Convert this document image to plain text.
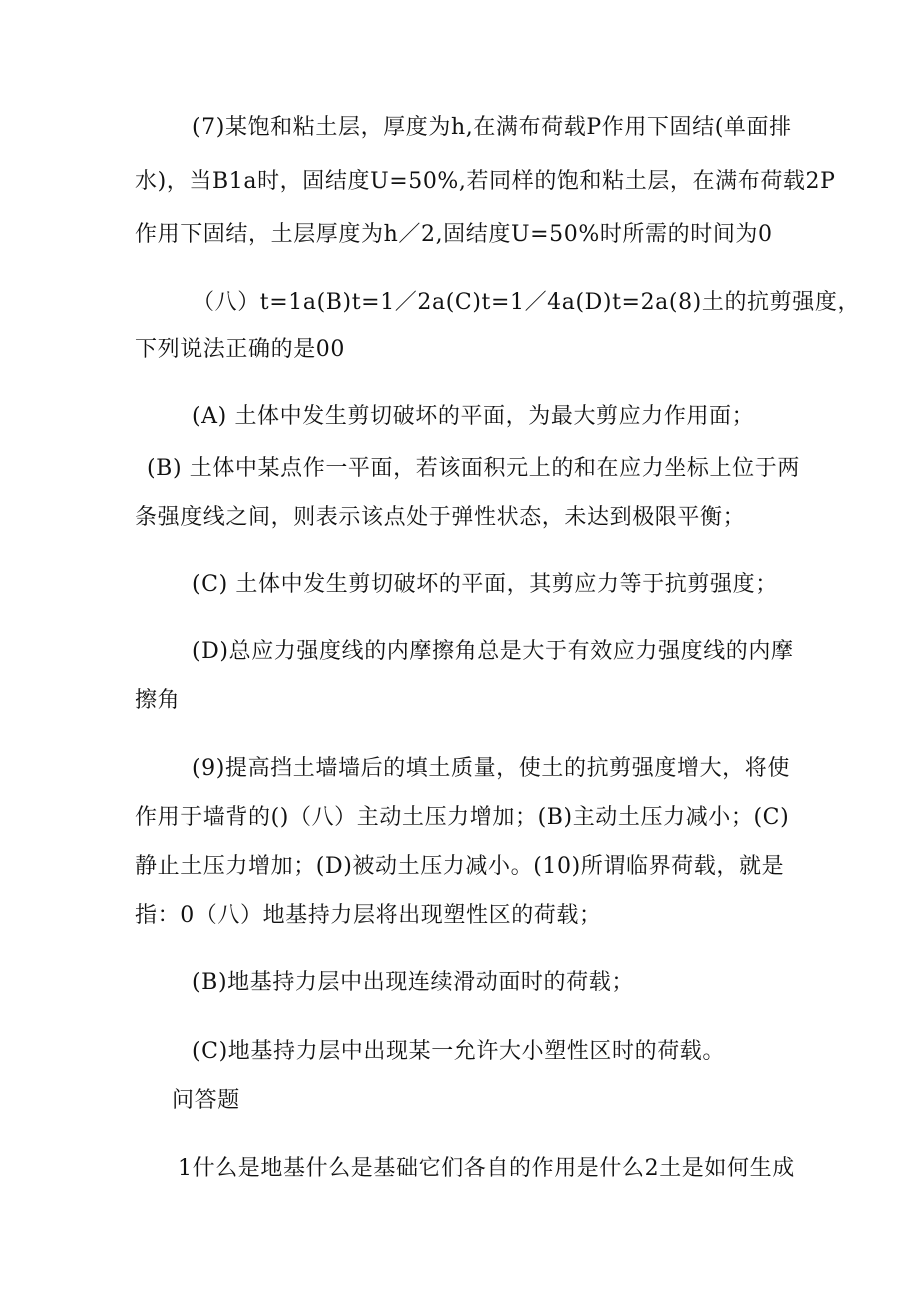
(7)某饱和粘土层，厚度为h,在满布荷载P作用下固结(单面排
水)，当B1a时，固结度U=50%,若同样的饱和粘土层，在满布荷载2P
作用下固结，土层厚度为h／2,固结度U=50%时所需的时间为0
（八）t=1a(B)t=1／2a(C)t=1／4a(D)t=2a(8)土的抗剪强度，
下列说法正确的是00
(A) 土体中发生剪切破坏的平面，为最大剪应力作用面；
(B) 土体中某点作一平面，若该面积元上的和在应力坐标上位于两
条强度线之间，则表示该点处于弹性状态，未达到极限平衡；
(C) 土体中发生剪切破坏的平面，其剪应力等于抗剪强度；
(D)总应力强度线的内摩擦角总是大于有效应力强度线的内摩
擦角
(9)提高挡土墙墙后的填土质量，使土的抗剪强度增大，将使
作用于墙背的()（八）主动土压力增加；(B)主动土压力减小；(C)
静止土压力增加；(D)被动土压力减小。(10)所谓临界荷载，就是
指：0（八）地基持力层将出现塑性区的荷载；
(B)地基持力层中出现连续滑动面时的荷载；
(C)地基持力层中出现某一允许大小塑性区时的荷载。
问答题
1什么是地基什么是基础它们各自的作用是什么2土是如何生成
